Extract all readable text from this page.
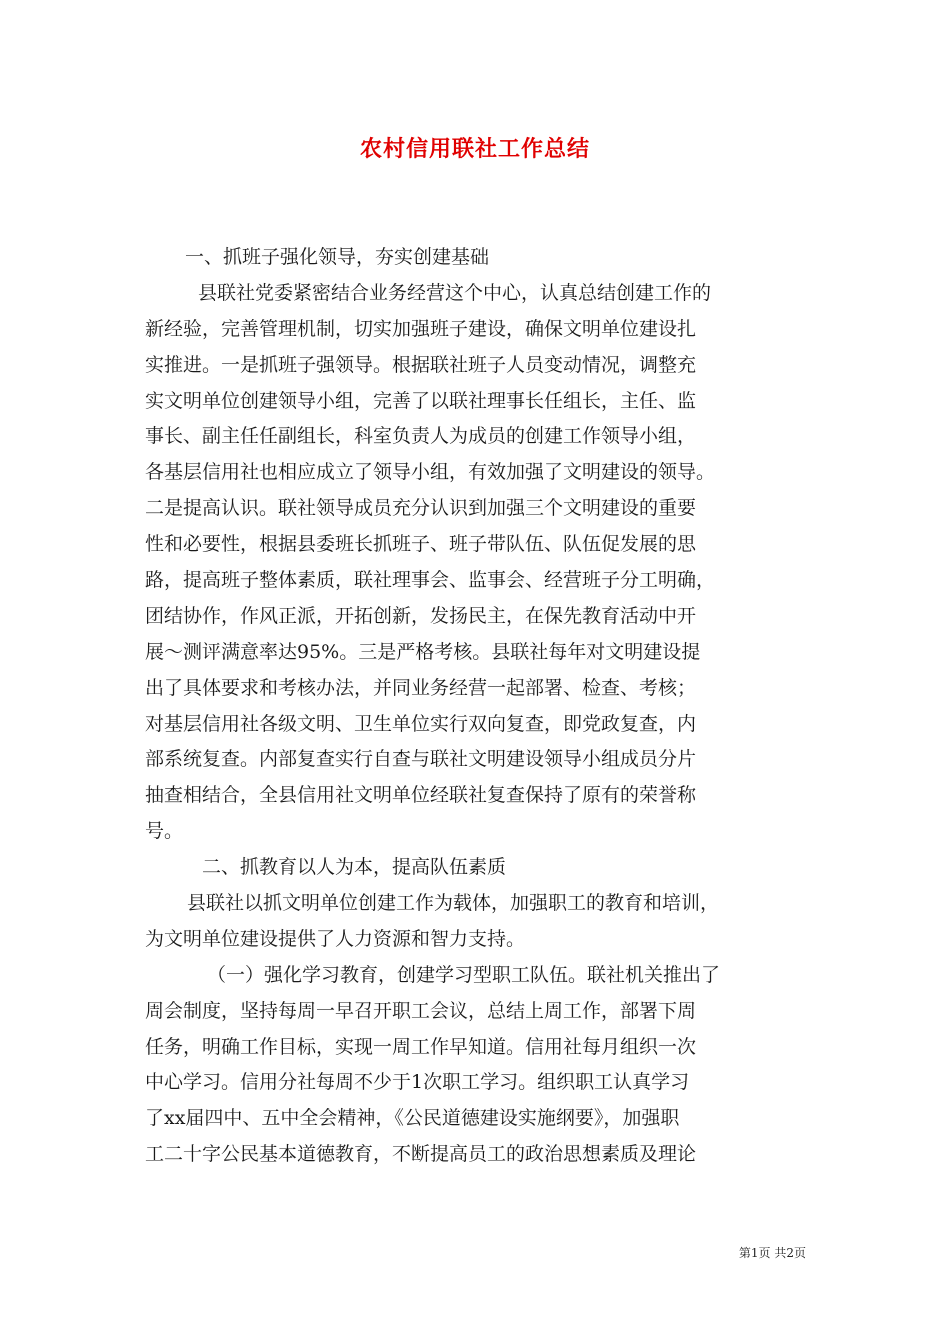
农村信用联社工作总结
一、抓班子强化领导，夯实创建基础
县联社党委紧密结合业务经营这个中心，认真总结创建工作的
新经验，完善管理机制，切实加强班子建设，确保文明单位建设扎
实推进。一是抓班子强领导。根据联社班子人员变动情况，调整充
实文明单位创建领导小组，完善了以联社理事长任组长，主任、监
事长、副主任任副组长，科室负责人为成员的创建工作领导小组，
各基层信用社也相应成立了领导小组，有效加强了文明建设的领导。
二是提高认识。联社领导成员充分认识到加强三个文明建设的重要
性和必要性，根据县委班长抓班子、班子带队伍、队伍促发展的思
路，提高班子整体素质，联社理事会、监事会、经营班子分工明确，
团结协作，作风正派，开拓创新，发扬民主，在保先教育活动中开
展～测评满意率达95%。三是严格考核。县联社每年对文明建设提
出了具体要求和考核办法，并同业务经营一起部署、检查、考核；
对基层信用社各级文明、卫生单位实行双向复查，即党政复查，内
部系统复查。内部复查实行自查与联社文明建设领导小组成员分片
抽查相结合，全县信用社文明单位经联社复查保持了原有的荣誉称
号。
二、抓教育以人为本，提高队伍素质
县联社以抓文明单位创建工作为载体，加强职工的教育和培训，
为文明单位建设提供了人力资源和智力支持。
（一）强化学习教育，创建学习型职工队伍。联社机关推出了
周会制度，坚持每周一早召开职工会议，总结上周工作，部署下周
任务，明确工作目标，实现一周工作早知道。信用社每月组织一次
中心学习。信用分社每周不少于1次职工学习。组织职工认真学习
了xx届四中、五中全会精神，《公民道德建设实施纲要》，加强职
工二十字公民基本道德教育，不断提高员工的政治思想素质及理论
第1页 共2页
